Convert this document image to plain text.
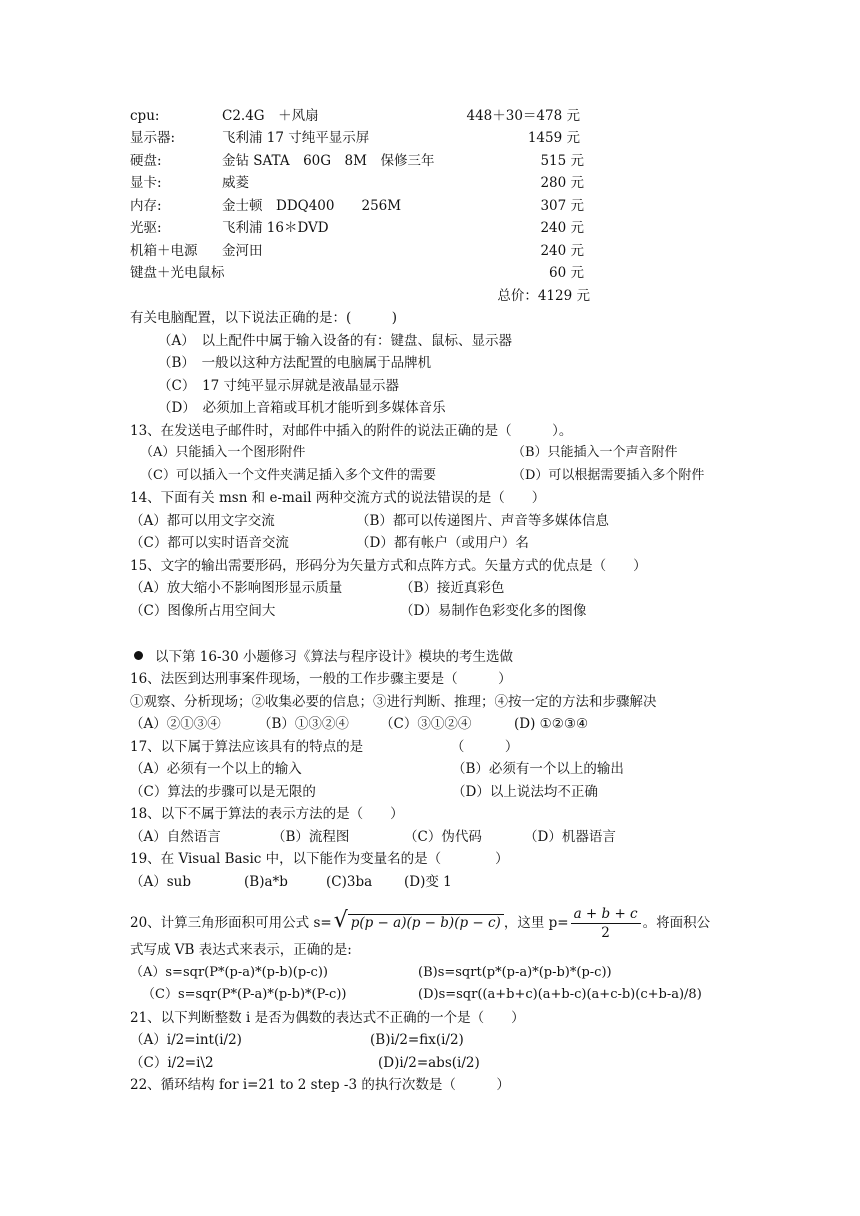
cpu:	C2.4G　＋风扇	448＋30＝478 元
显示器:	飞利浦 17 寸纯平显示屏	1459 元
硬盘:	金钻 SATA　60G　8M　保修三年	515 元
显卡:	威菱	280 元
内存:	金士顿　DDQ400　　256M	307 元
光驱:	飞利浦 16＊DVD	240 元
机箱＋电源 金河田	240 元
键盘＋光电鼠标	60 元
总价：4129 元
有关电脑配置，以下说法正确的是：(　　　)
（A）　以上配件中属于输入设备的有：键盘、鼠标、显示器
（B）　一般以这种方法配置的电脑属于品牌机
（C）　17 寸纯平显示屏就是液晶显示器
（D）　必须加上音箱或耳机才能听到多媒体音乐
13、在发送电子邮件时，对邮件中插入的附件的说法正确的是（　　　）。
（A）只能插入一个图形附件	（B）只能插入一个声音附件
（C）可以插入一个文件夹满足插入多个文件的需要	（D）可以根据需要插入多个附件
14、下面有关 msn 和 e-mail 两种交流方式的说法错误的是（　　）
（A）都可以用文字交流	（B）都可以传递图片、声音等多媒体信息
（C）都可以实时语音交流	（D）都有帐户（或用户）名
15、文字的输出需要形码，形码分为矢量方式和点阵方式。矢量方式的优点是（　　）
（A）放大缩小不影响图形显示质量	（B）接近真彩色
（C）图像所占用空间大	（D）易制作色彩变化多的图像
以下第 16-30 小题修习《算法与程序设计》模块的考生选做
16、法医到达刑事案件现场，一般的工作步骤主要是（　　　）
①观察、分析现场；②收集必要的信息；③进行判断、推理；④按一定的方法和步骤解决
（A）②①③④	（B）①③②④ （C）③①②④	(D) ①②③④
17、以下属于算法应该具有的特点的是　　　　　　　（　　　）
（A）必须有一个以上的输入	（B）必须有一个以上的输出
（C）算法的步骤可以是无限的	（D）以上说法均不正确
18、以下不属于算法的表示方法的是（　　）
（A）自然语言	（B）流程图	（C）伪代码	（D）机器语言
19、在 Visual Basic 中，以下能作为变量名的是（　　　　）
（A）sub	(B)a*b	(C)3ba (D)变 1
20、计算三角形面积可用公式 s= √ p(p − a)(p − b)(p − c) ，这里 $p= \frac{a + b + c}{2}$ 。将面积公
式写成 VB 表达式来表示，正确的是:
（A）s=sqr(P*(p-a)*(p-b)(p-c))	(B)s=sqrt(p*(p-a)*(p-b)*(p-c))
（C）s=sqr(P*(P-a)*(p-b)*(P-c))	(D)s=sqr((a+b+c)(a+b-c)(a+c-b)(c+b-a)/8)
21、以下判断整数 i 是否为偶数的表达式不正确的一个是（　　）
（A）i/2=int(i/2)	(B)i/2=fix(i/2)
（C）i/2=i\2	(D)i/2=abs(i/2)
22、循环结构 for i=21 to 2 step -3 的执行次数是（　　　）
